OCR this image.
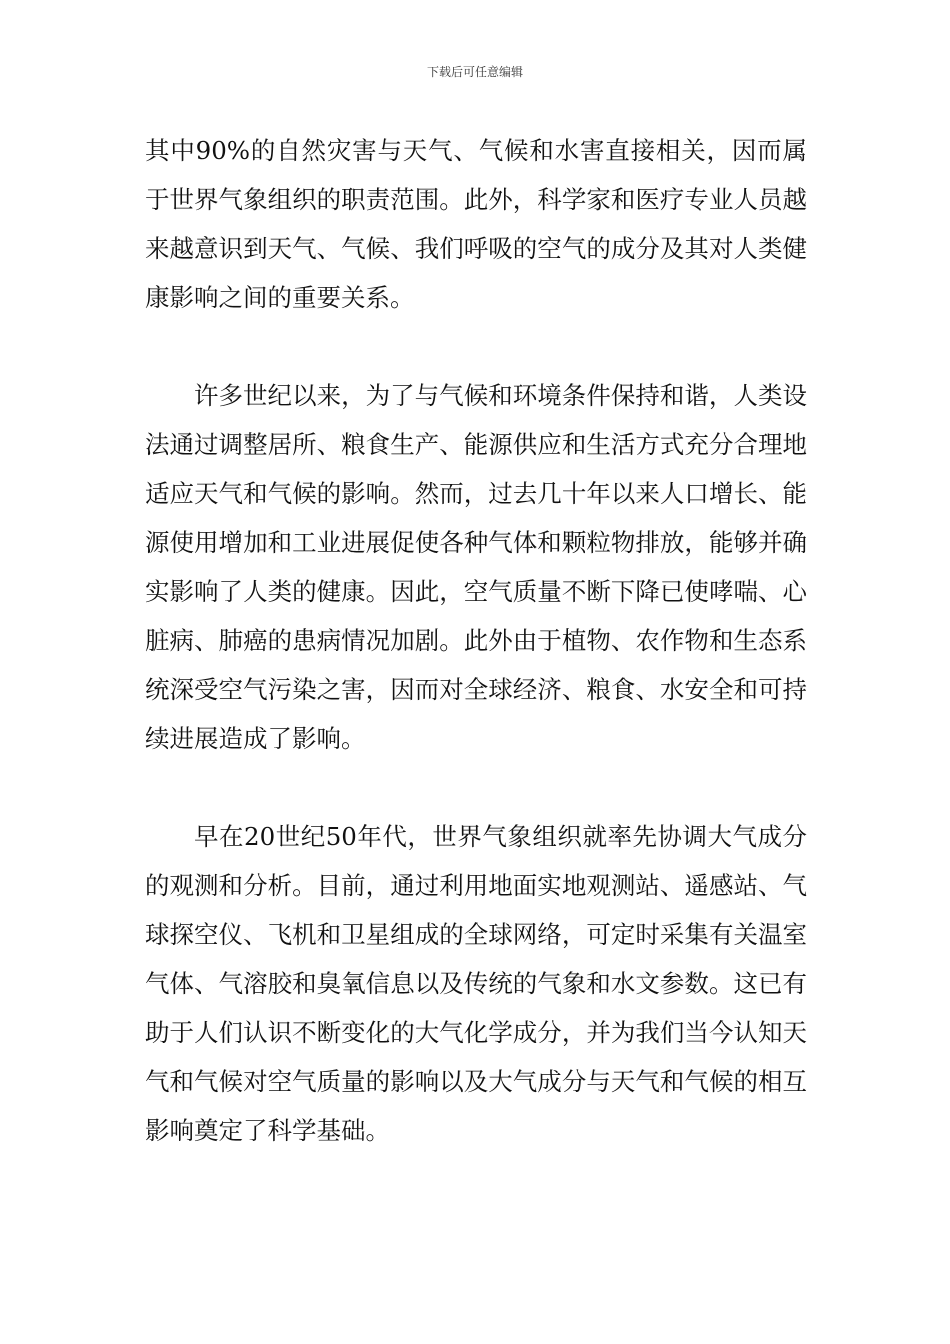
下载后可任意编辑

其中90%的自然灾害与天气、气候和水害直接相关，因而属于世界气象组织的职责范围。此外，科学家和医疗专业人员越来越意识到天气、气候、我们呼吸的空气的成分及其对人类健康影响之间的重要关系。

许多世纪以来，为了与气候和环境条件保持和谐，人类设法通过调整居所、粮食生产、能源供应和生活方式充分合理地适应天气和气候的影响。然而，过去几十年以来人口增长、能源使用增加和工业进展促使各种气体和颗粒物排放，能够并确实影响了人类的健康。因此，空气质量不断下降已使哮喘、心脏病、肺癌的患病情况加剧。此外由于植物、农作物和生态系统深受空气污染之害，因而对全球经济、粮食、水安全和可持续进展造成了影响。

早在20世纪50年代，世界气象组织就率先协调大气成分的观测和分析。目前，通过利用地面实地观测站、遥感站、气球探空仪、飞机和卫星组成的全球网络，可定时采集有关温室气体、气溶胶和臭氧信息以及传统的气象和水文参数。这已有助于人们认识不断变化的大气化学成分，并为我们当今认知天气和气候对空气质量的影响以及大气成分与天气和气候的相互影响奠定了科学基础。
